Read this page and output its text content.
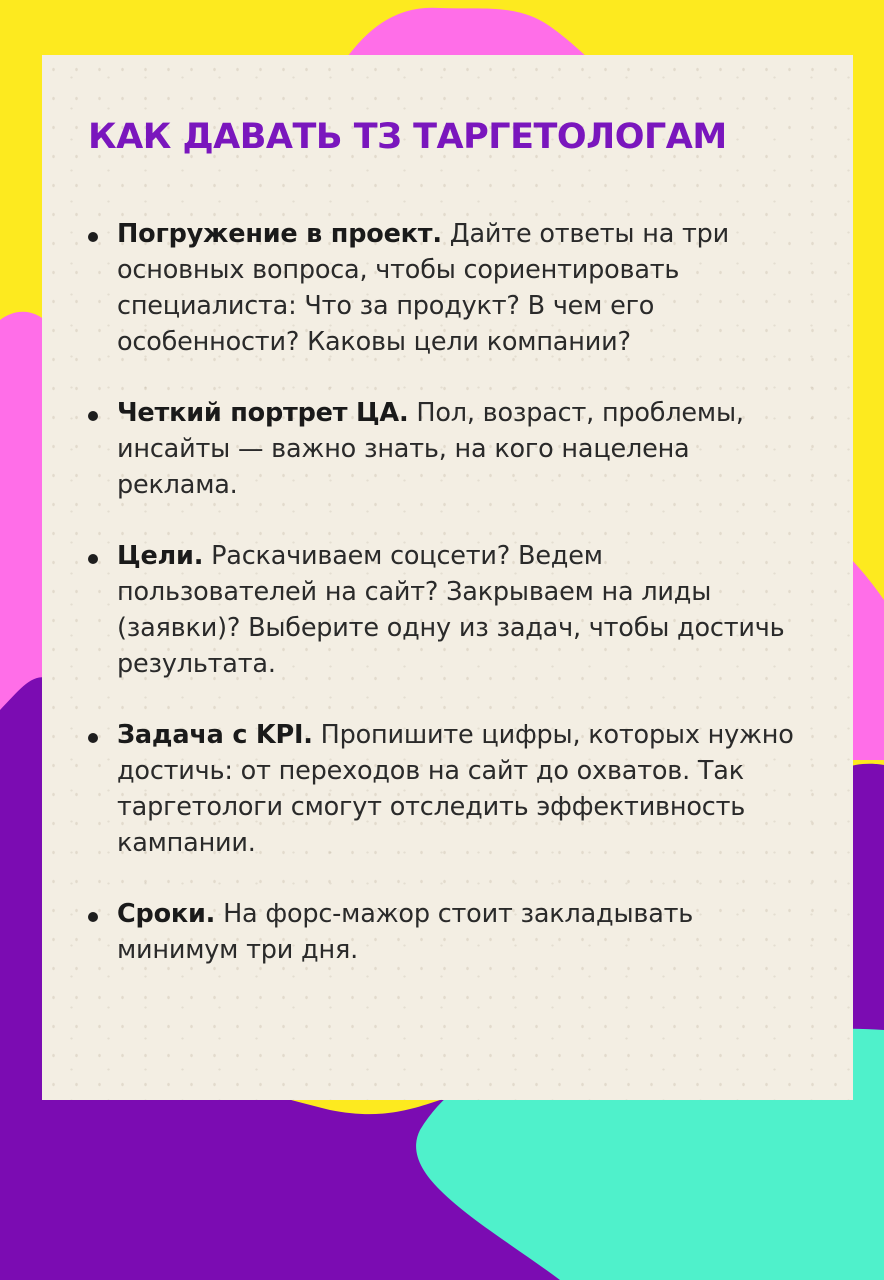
КАК ДАВАТЬ ТЗ ТАРГЕТОЛОГАМ
Погружение в проект. Дайте ответы на три основных вопроса, чтобы сориентировать специалиста: Что за продукт? В чем его особенности? Каковы цели компании?
Четкий портрет ЦА. Пол, возраст, проблемы, инсайты — важно знать, на кого нацелена реклама.
Цели. Раскачиваем соцсети? Ведем пользователей на сайт? Закрываем на лиды (заявки)? Выберите одну из задач, чтобы достичь результата.
Задача с KPI. Пропишите цифры, которых нужно достичь: от переходов на сайт до охватов. Так таргетологи смогут отследить эффективность кампании.
Сроки. На форс-мажор стоит закладывать минимум три дня.
